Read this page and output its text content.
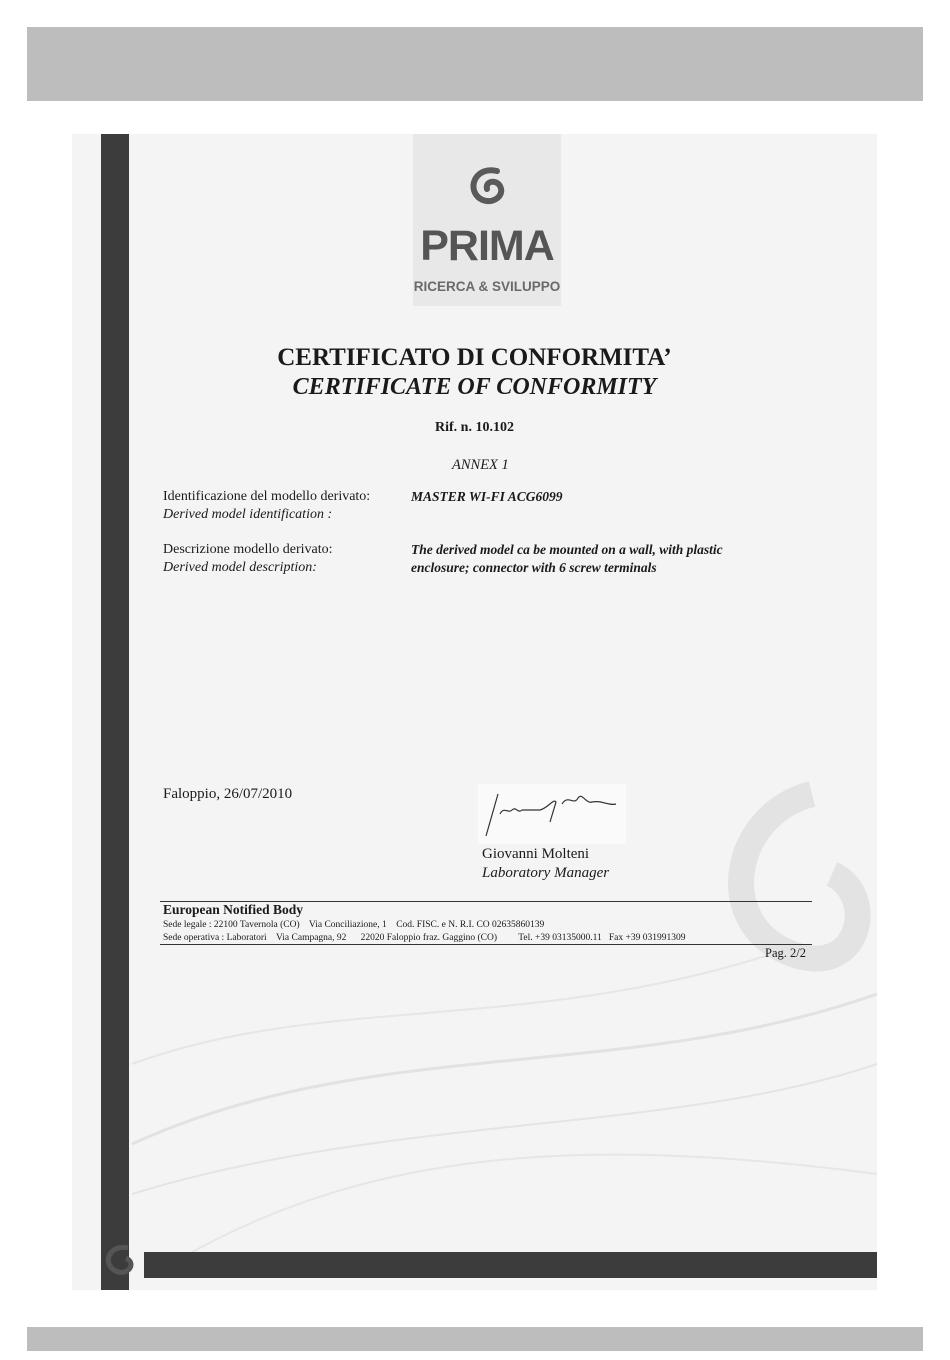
PRIMA
RICERCA & SVILUPPO
CERTIFICATO DI CONFORMITA’
CERTIFICATE OF CONFORMITY
Rif. n. 10.102
ANNEX 1
Identificazione del modello derivato:
Derived model identification :
MASTER WI-FI ACG6099
Descrizione modello derivato:
Derived model description:
The derived model ca be mounted on a wall, with plastic
enclosure; connector with 6 screw terminals
Faloppio, 26/07/2010
Giovanni Molteni
Laboratory Manager
European Notified Body
Sede legale : 22100 Tavernola (CO)    Via Conciliazione, 1    Cod. FISC. e N. R.I. CO 02635860139
Sede operativa : Laboratori    Via Campagna, 92      22020 Faloppio fraz. Gaggino (CO)         Tel. +39 03135000.11   Fax +39 031991309
Pag. 2/2
